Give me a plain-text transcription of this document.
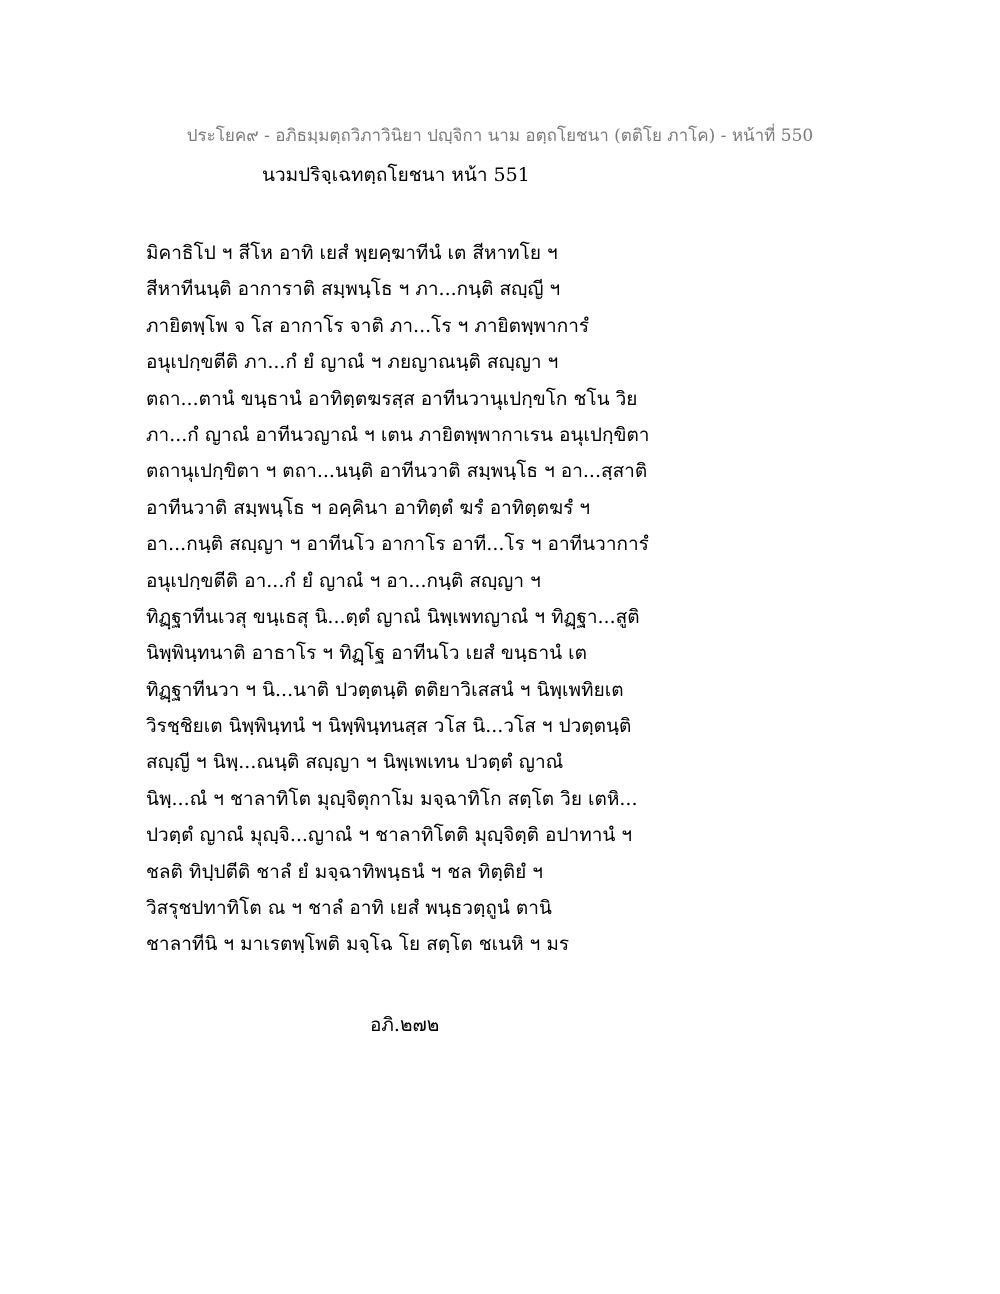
ประโยค๙ - อภิธมฺมตฺถวิภาวินิยา ปญฺจิกา นาม อตฺถโยชนา (ตติโย ภาโค) - หน้าที่ 550
นวมปริจฺเฉทตฺถโยชนา หน้า 551
มิคาธิโป ฯ สีโห อาทิ เยสํ พฺยคฺฆาทีนํ เต สีหาทโย ฯ
สีหาทีนนฺติ อาการาติ สมฺพนฺโธ ฯ ภา...กนฺติ สญฺญี ฯ
ภายิตพฺโพ จ โส อากาโร จาติ ภา...โร ฯ ภายิตพฺพาการํ
อนุเปกฺขตีติ ภา...กํ ยํ ญาณํ ฯ ภยญาณนฺติ สญฺญา ฯ
ตถา...ตานํ ขนฺธานํ อาทิตฺตฆรสฺส อาทีนวานุเปกฺขโก ชโน วิย
ภา...กํ ญาณํ อาทีนวญาณํ ฯ เตน ภายิตพฺพากาเรน อนุเปกฺขิตา
ตถานุเปกฺขิตา ฯ ตถา...นนฺติ อาทีนวาติ สมฺพนฺโธ ฯ อา...สฺสาติ
อาทีนวาติ สมฺพนฺโธ ฯ อคฺคินา อาทิตฺตํ ฆรํ อาทิตฺตฆรํ ฯ
อา...กนฺติ สญฺญา ฯ อาทีนโว อากาโร อาที...โร ฯ อาทีนวาการํ
อนุเปกฺขตีติ อา...กํ ยํ ญาณํ ฯ อา...กนฺติ สญฺญา ฯ
ทิฏฺฐาทีนเวสุ ขนฺเธสุ นิ...ตฺตํ ญาณํ นิพฺเพทญาณํ ฯ ทิฏฺฐา...สูติ
นิพฺพินฺทนาติ อาธาโร ฯ ทิฏฺโฐ อาทีนโว เยสํ ขนฺธานํ เต
ทิฏฺฐาทีนวา ฯ นิ...นาติ ปวตฺตนฺติ ตติยาวิเสสนํ ฯ นิพฺเพทิยเต
วิรชฺชิยเต นิพฺพินฺทนํ ฯ นิพฺพินฺทนสฺส วโส นิ...วโส ฯ ปวตฺตนฺติ
สญฺญี ฯ นิพฺ...ณนฺติ สญฺญา ฯ นิพฺเพเทน ปวตฺตํ ญาณํ
นิพฺ...ณํ ฯ ชาลาทิโต มุญฺจิตุกาโม มจฺฉาทิโก สตฺโต วิย เตหิ...
ปวตฺตํ ญาณํ มุญฺจิ...ญาณํ ฯ ชาลาทิโตติ มุญฺจิตฺติ อปาทานํ ฯ
ชลติ ทิปฺปตีติ ชาลํ ยํ มจฺฉาทิพนฺธนํ ฯ ชล ทิตฺติยํ ฯ
วิสรุชปทาทิโต ณ ฯ ชาลํ อาทิ เยสํ พนฺธวตฺถูนํ ตานิ
ชาลาทีนิ ฯ มาเรตพฺโพติ มจฺโฉ โย สตฺโต ชเนหิ ฯ มร
อภิ.๒๗๒
